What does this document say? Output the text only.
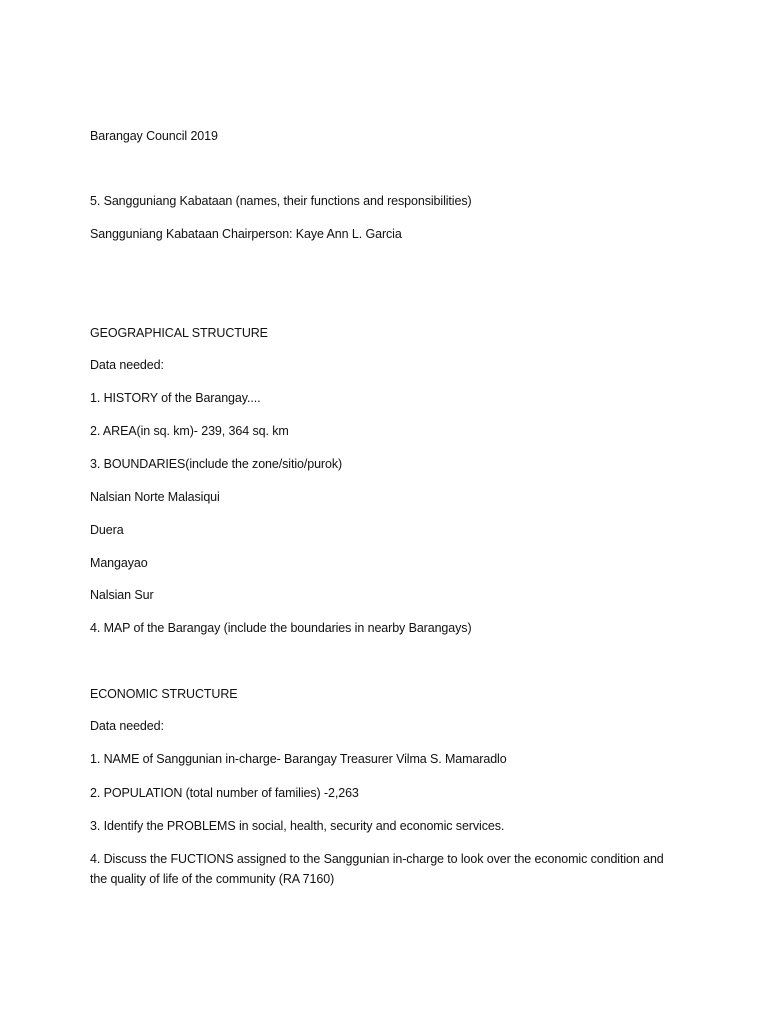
Barangay Council 2019
5. Sangguniang Kabataan (names, their functions and responsibilities)
Sangguniang Kabataan Chairperson: Kaye Ann L. Garcia
GEOGRAPHICAL STRUCTURE
Data needed:
1. HISTORY of the Barangay....
2. AREA(in sq. km)- 239, 364 sq. km
3. BOUNDARIES(include the zone/sitio/purok)
Nalsian Norte Malasiqui
Duera
Mangayao
Nalsian Sur
4. MAP of the Barangay (include the boundaries in nearby Barangays)
ECONOMIC STRUCTURE
Data needed:
1. NAME of Sanggunian in-charge- Barangay Treasurer Vilma S. Mamaradlo
2. POPULATION (total number of families) -2,263
3. Identify the PROBLEMS in social, health, security and economic services.
4. Discuss the FUCTIONS assigned to the Sanggunian in-charge to look over the economic condition and the quality of life of the community (RA 7160)
